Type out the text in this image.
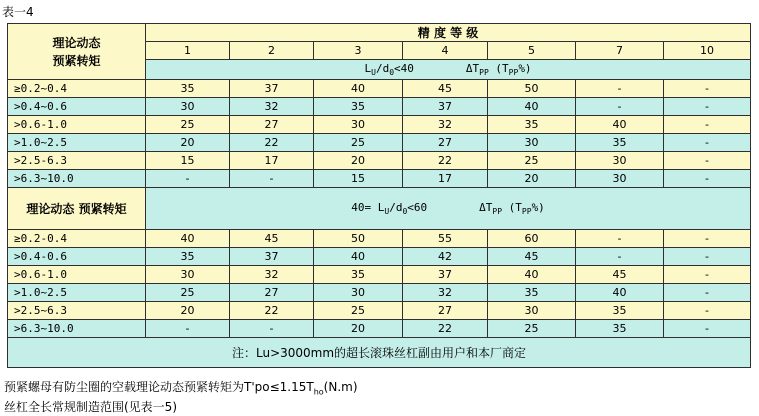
表一4
理论动态
预紧转矩	精 度 等 级						
	1	2	3	4	5	7	10
	$L_U/d_0<40$ $\Delta T_{PP}$ $(T_{PP}\%)$						
≥0.2~0.4	35	37	40	45	50	-	-
>0.4~0.6	30	32	35	37	40	-	-
>0.6-1.0	25	27	30	32	35	40	-
>1.0~2.5	20	22	25	27	30	35	-
>2.5-6.3	15	17	20	22	25	30	-
>6.3~10.0	-	-	15	17	20	30	-
理论动态 预紧转矩	$40= L_U/d_0<60$ $\Delta T_{PP}$ $(T_{PP}\%)$						
≥0.2-0.4	40	45	50	55	60	-	-
>0.4-0.6	35	37	40	42	45	-	-
>0.6-1.0	30	32	35	37	40	45	-
>1.0~2.5	25	27	30	32	35	40	-
>2.5~6.3	20	22	25	27	30	35	-
>6.3~10.0	-	-	20	22	25	35	-
注：Lu>3000mm的超长滚珠丝杠副由用户和本厂商定							
预紧螺母有防尘圈的空载理论动态预紧转矩为$T'po\le 1.15T_{ho}(N.m)$
丝杠全长常规制造范围(见表一5)
